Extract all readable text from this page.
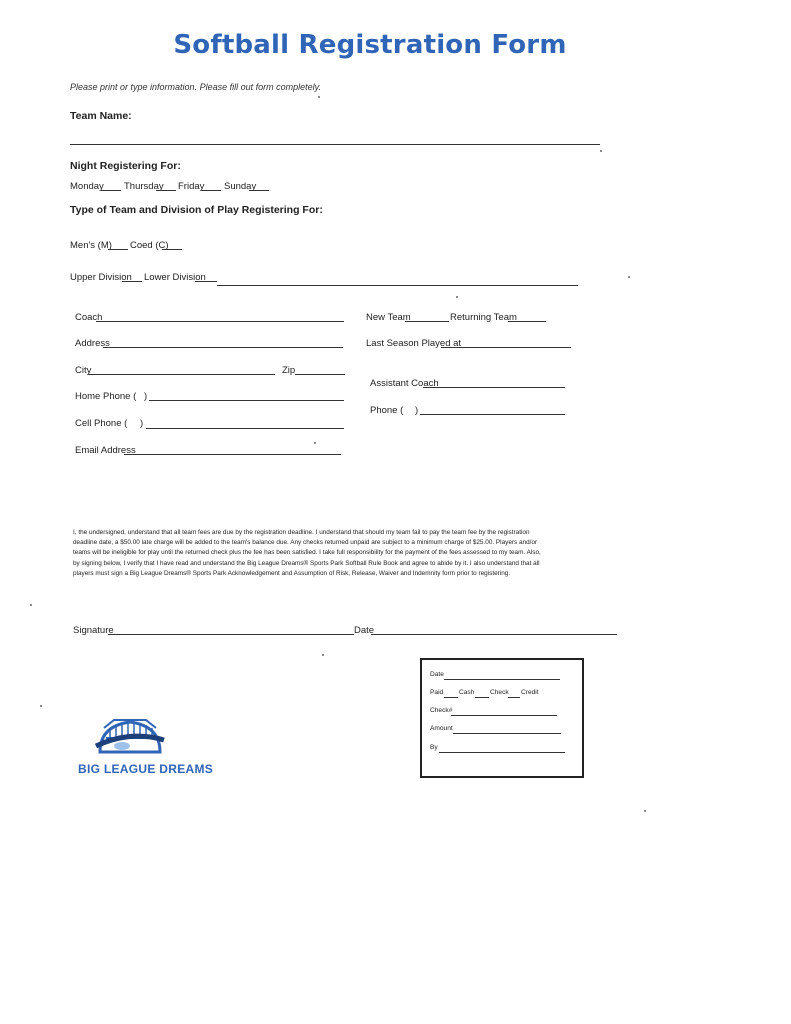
Softball Registration Form
Please print or type information. Please fill out form completely.
Team Name:
Night Registering For:
Monday Thursday Friday Sunday
Type of Team and Division of Play Registering For:
Men's (M) Coed (C)
Upper Division Lower Division
Coach
Address
City	Zip
Home Phone ( )
Cell Phone ( )
Email Address
New Team	Returning Team
Last Season Played at
Assistant Coach
Phone ( )
I, the undersigned, understand that all team fees are due by the registration deadline. I understand that should my team fail to pay the team fee by the registration deadline date, a $50.00 late charge will be added to the team's balance due. Any checks returned unpaid are subject to a minimum charge of $25.00. Players and/or teams will be ineligible for play until the returned check plus the fee has been satisfied. I take full responsibility for the payment of the fees assessed to my team. Also, by signing below, I verify that I have read and understand the Big League Dreams® Sports Park Softball Rule Book and agree to abide by it. I also understand that all players must sign a Big League Dreams® Sports Park Acknowledgement and Assumption of Risk, Release, Waiver and Indemnity form prior to registering.
Signature	Date
Date
Paid Cash Check Credit
Check#
Amount
By
BIG LEAGUE DREAMS
